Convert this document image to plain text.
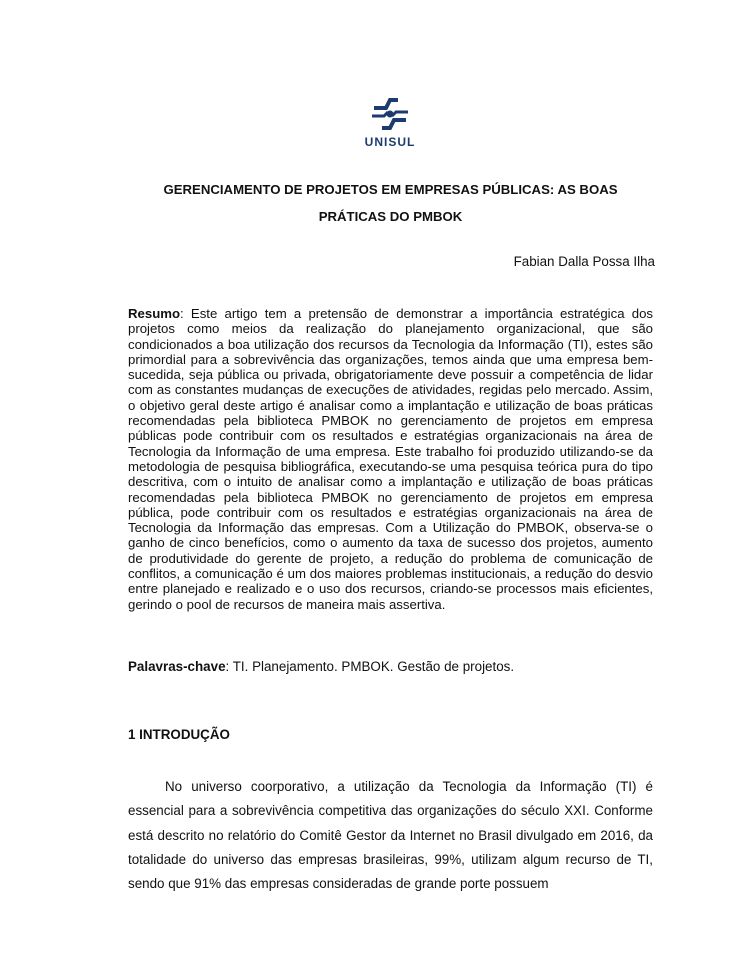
UNISUL
GERENCIAMENTO DE PROJETOS EM EMPRESAS PÚBLICAS: AS BOAS
PRÁTICAS DO PMBOK
Fabian Dalla Possa Ilha
Resumo: Este artigo tem a pretensão de demonstrar a importância estratégica dos projetos como meios da realização do planejamento organizacional, que são condicionados a boa utilização dos recursos da Tecnologia da Informação (TI), estes são primordial para a sobrevivência das organizações, temos ainda que uma empresa bem-sucedida, seja pública ou privada, obrigatoriamente deve possuir a competência de lidar com as constantes mudanças de execuções de atividades, regidas pelo mercado. Assim, o objetivo geral deste artigo é analisar como a implantação e utilização de boas práticas recomendadas pela biblioteca PMBOK no gerenciamento de projetos em empresa públicas pode contribuir com os resultados e estratégias organizacionais na área de Tecnologia da Informação de uma empresa. Este trabalho foi produzido utilizando-se da metodologia de pesquisa bibliográfica, executando-se uma pesquisa teórica pura do tipo descritiva, com o intuito de analisar como a implantação e utilização de boas práticas recomendadas pela biblioteca PMBOK no gerenciamento de projetos em empresa pública, pode contribuir com os resultados e estratégias organizacionais na área de Tecnologia da Informação das empresas. Com a Utilização do PMBOK, observa-se o ganho de cinco benefícios, como o aumento da taxa de sucesso dos projetos, aumento de produtividade do gerente de projeto, a redução do problema de comunicação de conflitos, a comunicação é um dos maiores problemas institucionais, a redução do desvio entre planejado e realizado e o uso dos recursos, criando-se processos mais eficientes, gerindo o pool de recursos de maneira mais assertiva.
Palavras-chave: TI. Planejamento. PMBOK. Gestão de projetos.
1 INTRODUÇÃO
No universo coorporativo, a utilização da Tecnologia da Informação (TI) é essencial para a sobrevivência competitiva das organizações do século XXI. Conforme está descrito no relatório do Comitê Gestor da Internet no Brasil divulgado em 2016, da totalidade do universo das empresas brasileiras, 99%, utilizam algum recurso de TI, sendo que 91% das empresas consideradas de grande porte possuem
